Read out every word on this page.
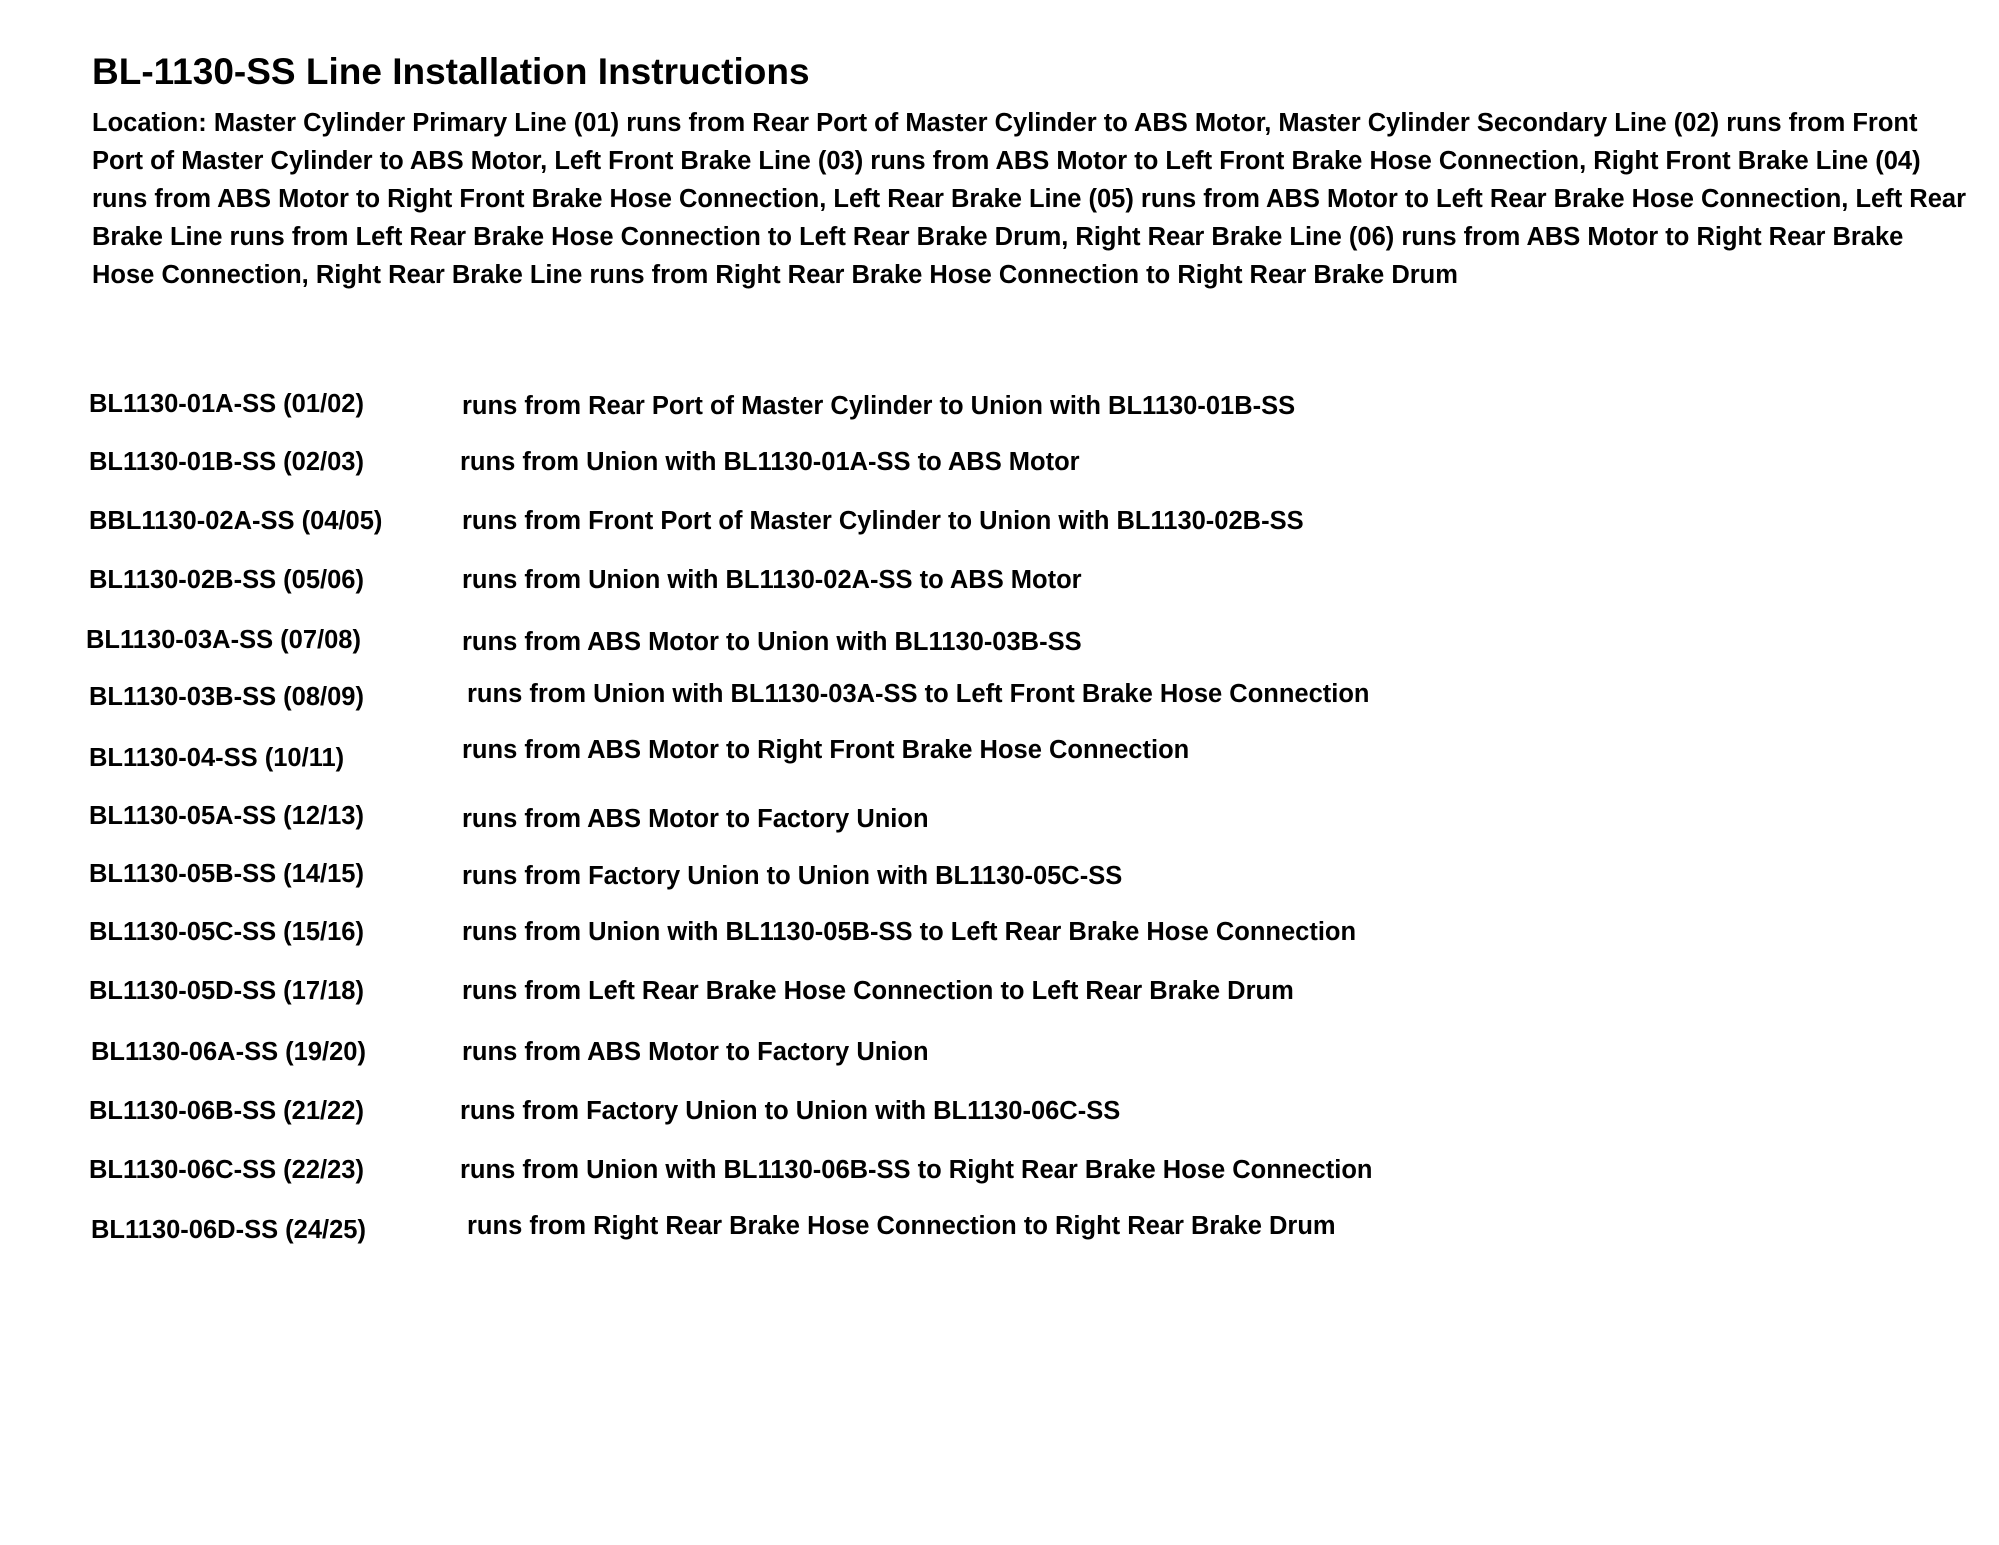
BL-1130-SS Line Installation Instructions

Location: Master Cylinder Primary Line (01) runs from Rear Port of Master Cylinder to ABS Motor, Master Cylinder Secondary Line (02) runs from Front Port of Master Cylinder to ABS Motor, Left Front Brake Line (03) runs from ABS Motor to Left Front Brake Hose Connection, Right Front Brake Line (04) runs from ABS Motor to Right Front Brake Hose Connection, Left Rear Brake Line (05) runs from ABS Motor to Left Rear Brake Hose Connection, Left Rear Brake Line runs from Left Rear Brake Hose Connection to Left Rear Brake Drum, Right Rear Brake Line (06) runs from ABS Motor to Right Rear Brake Hose Connection, Right Rear Brake Line runs from Right Rear Brake Hose Connection to Right Rear Brake Drum

BL1130-01A-SS (01/02)	runs from Rear Port of Master Cylinder to Union with BL1130-01B-SS
BL1130-01B-SS (02/03)	runs from Union with BL1130-01A-SS to ABS Motor
BBL1130-02A-SS (04/05)	runs from Front Port of Master Cylinder to Union with BL1130-02B-SS
BL1130-02B-SS (05/06)	runs from Union with BL1130-02A-SS to ABS Motor
BL1130-03A-SS (07/08)	runs from ABS Motor to Union with BL1130-03B-SS
BL1130-03B-SS (08/09)	runs from Union with BL1130-03A-SS to Left Front Brake Hose Connection
BL1130-04-SS (10/11)	runs from ABS Motor to Right Front Brake Hose Connection
BL1130-05A-SS (12/13)	runs from ABS Motor to Factory Union
BL1130-05B-SS (14/15)	runs from Factory Union to Union with BL1130-05C-SS
BL1130-05C-SS (15/16)	runs from Union with BL1130-05B-SS to Left Rear Brake Hose Connection
BL1130-05D-SS (17/18)	runs from Left Rear Brake Hose Connection to Left Rear Brake Drum
BL1130-06A-SS (19/20)	runs from ABS Motor to Factory Union
BL1130-06B-SS (21/22)	runs from Factory Union to Union with BL1130-06C-SS
BL1130-06C-SS (22/23)	runs from Union with BL1130-06B-SS to Right Rear Brake Hose Connection
BL1130-06D-SS (24/25)	runs from Right Rear Brake Hose Connection to Right Rear Brake Drum
